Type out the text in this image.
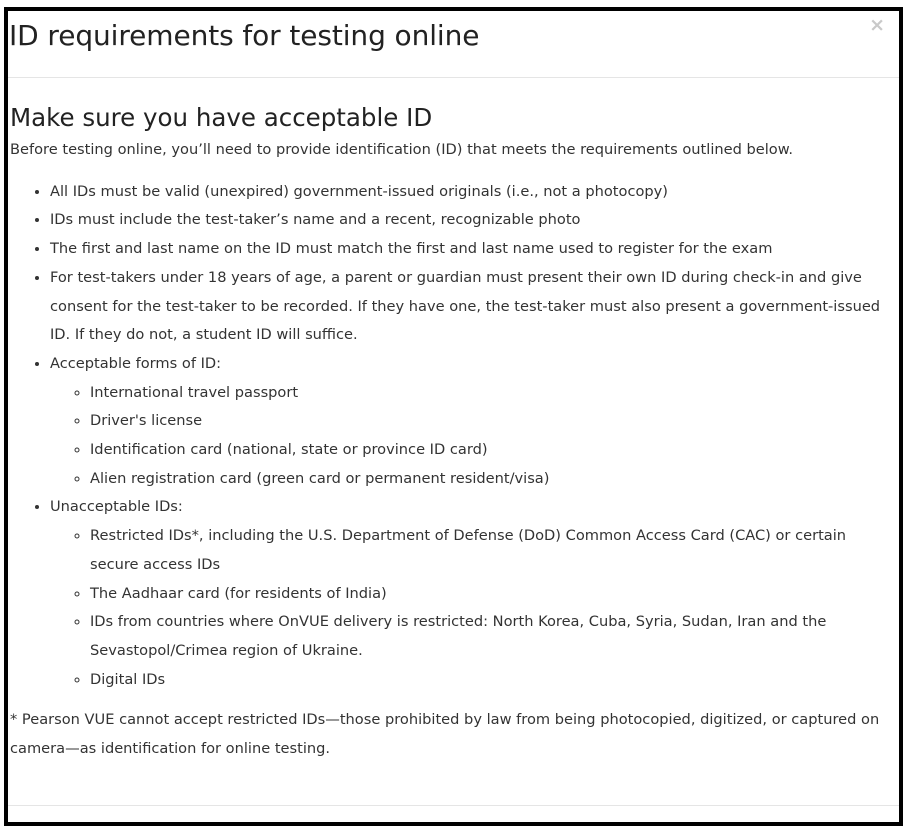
×
ID requirements for testing online
Make sure you have acceptable ID

Before testing online, you’ll need to provide identification (ID) that meets the requirements outlined below.

• All IDs must be valid (unexpired) government-issued originals (i.e., not a photocopy)
• IDs must include the test-taker’s name and a recent, recognizable photo
• The first and last name on the ID must match the first and last name used to register for the exam
• For test-takers under 18 years of age, a parent or guardian must present their own ID during check-in and give consent for the test-taker to be recorded. If they have one, the test-taker must also present a government-issued ID. If they do not, a student ID will suffice.
• Acceptable forms of ID:
◦ International travel passport
◦ Driver's license
◦ Identification card (national, state or province ID card)
◦ Alien registration card (green card or permanent resident/visa)
• Unacceptable IDs:
◦ Restricted IDs*, including the U.S. Department of Defense (DoD) Common Access Card (CAC) or certain secure access IDs
◦ The Aadhaar card (for residents of India)
◦ IDs from countries where OnVUE delivery is restricted: North Korea, Cuba, Syria, Sudan, Iran and the Sevastopol/Crimea region of Ukraine.
◦ Digital IDs

* Pearson VUE cannot accept restricted IDs—those prohibited by law from being photocopied, digitized, or captured on camera—as identification for online testing.
